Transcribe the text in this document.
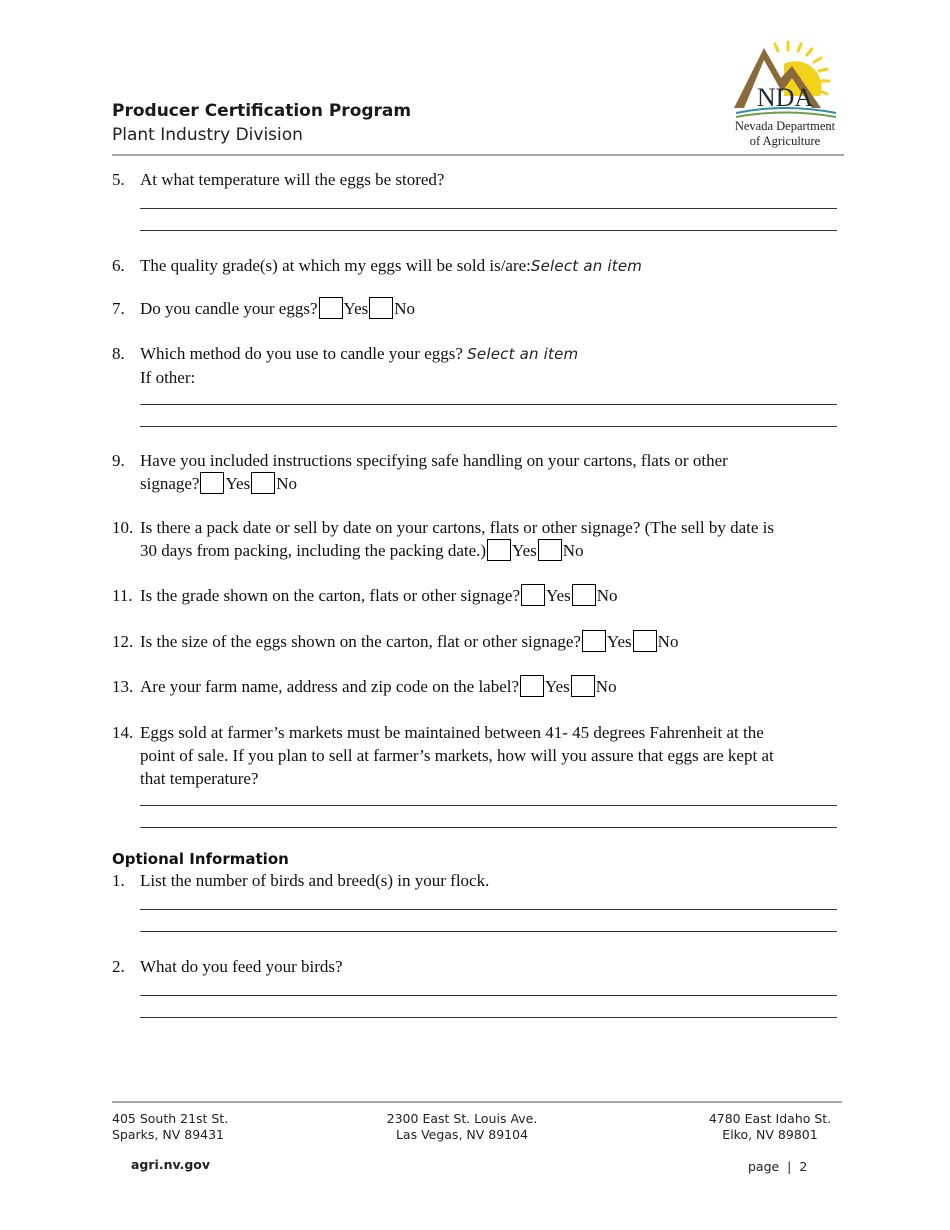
Producer Certification Program
Plant Industry Division
NDA
Nevada Department
of Agriculture
5. At what temperature will the eggs be stored?
6. The quality grade(s) at which my eggs will be sold is/are:Select an item
7. Do you candle your eggs? Yes No
8. Which method do you use to candle your eggs? Select an item
If other:
9. Have you included instructions specifying safe handling on your cartons, flats or other
signage? Yes No
10. Is there a pack date or sell by date on your cartons, flats or other signage? (The sell by date is
30 days from packing, including the packing date.) Yes No
11. Is the grade shown on the carton, flats or other signage? Yes No
12. Is the size of the eggs shown on the carton, flat or other signage? Yes No
13. Are your farm name, address and zip code on the label? Yes No
14. Eggs sold at farmer’s markets must be maintained between 41- 45 degrees Fahrenheit at the
point of sale. If you plan to sell at farmer’s markets, how will you assure that eggs are kept at
that temperature?
Optional Information
1. List the number of birds and breed(s) in your flock.
2. What do you feed your birds?
405 South 21st St.
Sparks, NV 89431
2300 East St. Louis Ave.
Las Vegas, NV 89104
4780 East Idaho St.
Elko, NV 89801
agri.nv.gov	page  |  2
